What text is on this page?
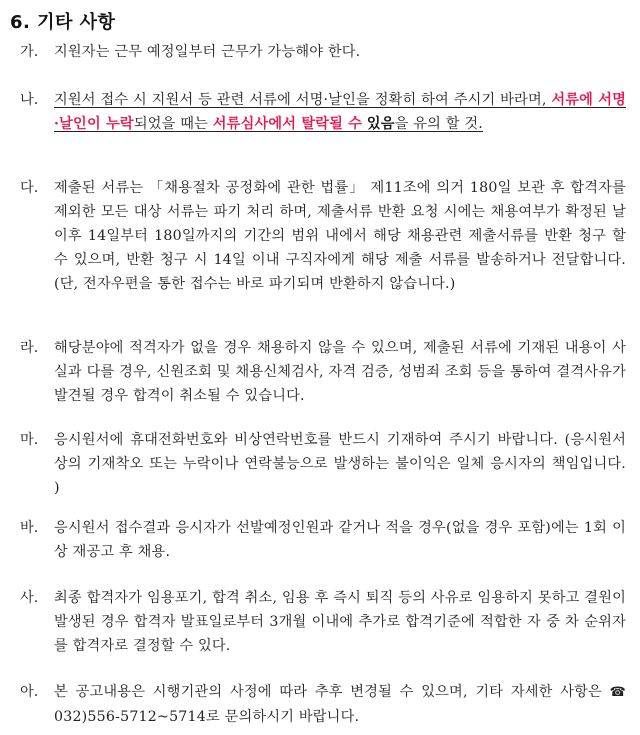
6. 기타 사항
가.	지원자는 근무 예정일부터 근무가 가능해야 한다.
나.	지원서 접수 시 지원서 등 관련 서류에 서명·날인을 정확히 하여 주시기 바라며, 서류에 서명·날인이 누락되었을 때는 서류심사에서 탈락될 수 있음을 유의 할 것.
다.	제출된 서류는 「채용절차 공정화에 관한 법률」 제11조에 의거 180일 보관 후 합격자를 제외한 모든 대상 서류는 파기 처리 하며, 제출서류 반환 요청 시에는 채용여부가 확정된 날 이후 14일부터 180일까지의 기간의 범위 내에서 해당 채용관련 제출서류를 반환 청구 할 수 있으며, 반환 청구 시 14일 이내 구직자에게 해당 제출 서류를 발송하거나 전달합니다.(단, 전자우편을 통한 접수는 바로 파기되며 반환하지 않습니다.)
라.	해당분야에 적격자가 없을 경우 채용하지 않을 수 있으며, 제출된 서류에 기재된 내용이 사실과 다를 경우, 신원조회 및 채용신체검사, 자격 검증, 성범죄 조회 등을 통하여 결격사유가 발견될 경우 합격이 취소될 수 있습니다.
마.	응시원서에 휴대전화번호와 비상연락번호를 반드시 기재하여 주시기 바랍니다. (응시원서 상의 기재착오 또는 누락이나 연락불능으로 발생하는 불이익은 일체 응시자의 책임입니다. )
바.	응시원서 접수결과 응시자가 선발예정인원과 같거나 적을 경우(없을 경우 포함)에는 1회 이상 재공고 후 채용.
사.	최종 합격자가 임용포기, 합격 취소, 임용 후 즉시 퇴직 등의 사유로 임용하지 못하고 결원이 발생된 경우 합격자 발표일로부터 3개월 이내에 추가로 합격기준에 적합한 자 중 차 순위자를 합격자로 결정할 수 있다.
아.	본 공고내용은 시행기관의 사정에 따라 추후 변경될 수 있으며, 기타 자세한 사항은 ☎ 032)556-5712~5714로 문의하시기 바랍니다.
